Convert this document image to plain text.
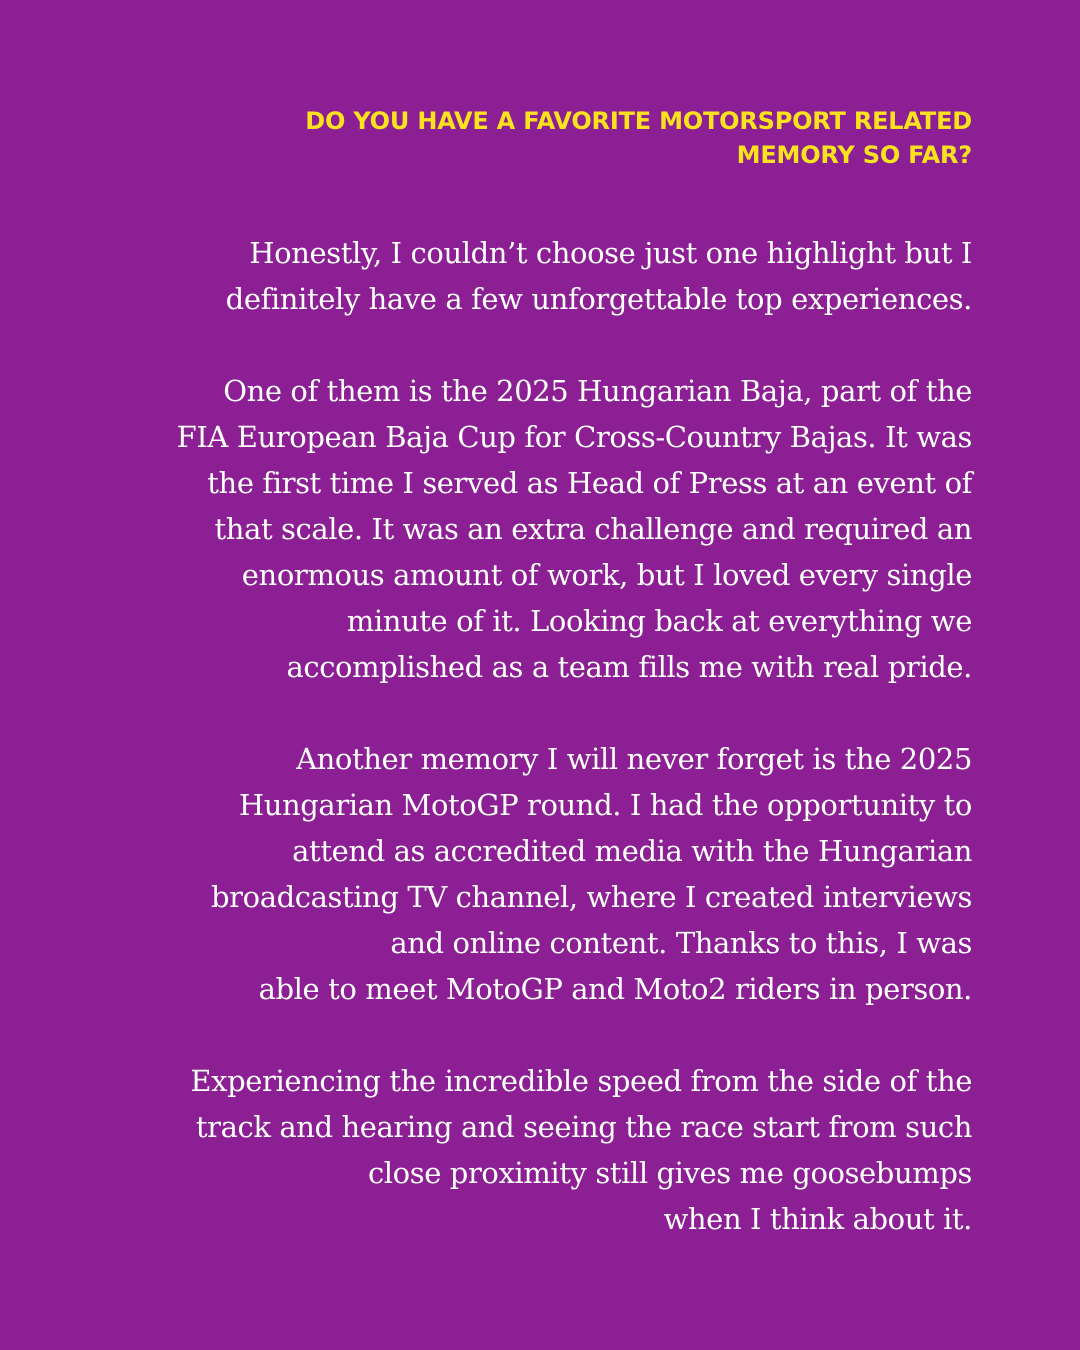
DO YOU HAVE A FAVORITE MOTORSPORT RELATED
MEMORY SO FAR?

Honestly, I couldn’t choose just one highlight but I
definitely have a few unforgettable top experiences.

One of them is the 2025 Hungarian Baja, part of the
FIA European Baja Cup for Cross-Country Bajas. It was
the first time I served as Head of Press at an event of
that scale. It was an extra challenge and required an
enormous amount of work, but I loved every single
minute of it. Looking back at everything we
accomplished as a team fills me with real pride.

Another memory I will never forget is the 2025
Hungarian MotoGP round. I had the opportunity to
attend as accredited media with the Hungarian
broadcasting TV channel, where I created interviews
and online content. Thanks to this, I was
able to meet MotoGP and Moto2 riders in person.

Experiencing the incredible speed from the side of the
track and hearing and seeing the race start from such
close proximity still gives me goosebumps
when I think about it.
